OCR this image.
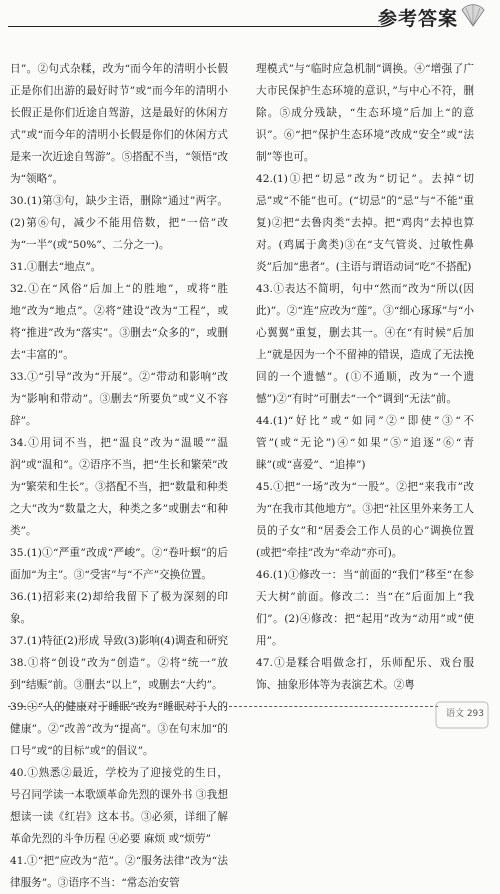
参考答案

日”。②句式杂糅，改为“而今年的清明小长假正是你们出游的最好时节”或“而今年的清明小长假正是你们近途自驾游，这是最好的休闲方式”或“而今年的清明小长假是你们的休闲方式是来一次近途自驾游”。⑤搭配不当，“领悟”改为“领略”。

30.(1)第③句，缺少主语，删除“通过”两字。(2)第⑥句，减少不能用倍数，把“一倍”改为“一半”(或“50%”、二分之一)。

31.①删去“地点”。

32.①在“风俗”后加上“的胜地”，或将“胜地”改为“地点”。②将“建设”改为“工程”，或将“推进”改为“落实”。③删去“众多的”，或删去“丰富的”。

33.①“引导”改为“开展”。②“带动和影响”改为“影响和带动”。③删去“所要负”或“义不容辞”。

34.①用词不当，把“温良”改为“温暖”“温润”或“温和”。②语序不当，把“生长和繁荣”改为“繁荣和生长”。③搭配不当，把“数量和种类之大”改为“数量之大，种类之多”或删去“和种类”。

35.(1)①“严重”改成“严峻”。②“卷叶螟”的后面加“为主”。③“受害”与“不产”交换位置。

36.(1)招彩来(2)却给我留下了极为深刻的印象。

37.(1)特征(2)形成 导致(3)影响(4)调查和研究

38.①将“创设”改为“创造”。②将“统一”放到“结赈”前。③删去“以上”，或删去“大约”。

39.①“人的健康对于睡眠”改为“睡眠对于人的健康”。②“改善”改为“提高”。③在句末加“的口号”或“的目标”或“的倡议”。

40.①熟悉②最近，学校为了迎接党的生日，号召同学读一本歌颂革命先烈的课外书 ③我想想读一读《红岩》这本书。③必须，详细了解革命先烈的斗争历程 ④必要 麻烦 或“烦劳”

41.①“把”应改为“范”。②“服务法律”改为“法律服务”。③语序不当：“常态治安管

理模式”与“临时应急机制”调换。④“增强了广大市民保护生态环境的意识，”与中心不符，删除。⑤成分残缺，“生态环境”后加上“的意识”。⑥“把”保护生态环境”改成“安全”或“法制”等也可。

42.(1)①把“切忌”改为“切记”。去掉“切忌”或“不能”也可。(“切忌”的“忌”与“不能”重复)②把“去鲁肉类”去掉。把“鸡肉”去掉也算对。(鸡属于禽类)③在“支气管炎、过敏性鼻炎”后加“患者”。(主语与谓语动词“吃”不搭配)

43.①表达不简明，句中“然而”改为“所以(因此)”。②“连”应改为“莲”。③“细心琢琢”与“小心翼翼”重复，删去其一。④在“有时候”后加上“就是因为一个不留神的错误，造成了无法挽回的一个遗憾”。(①不通顺，改为“一个遗憾”)②“有时”可删去“一个”调到“无法”前。

44.(1)“好比”或“如同”②“即使”③“不管”(或“无论”)④“如果”⑤“追逐”⑥“青睐”(或“喜爱”、“追捧”)

45.①把“一场”改为“一股”。②把“来我市”改为“在我市其他地方”。③把“社区里外来务工人员的子女”和“居委会工作人员的心”调换位置(或把“牵挂”改为“牵动”亦可)。

46.(1)①修改一：当“前面的“我们”移至“在参天大树”前面。修改二：当“在”后面加上“我们”。(2)④修改：把“起用”改为“动用”或“使用”。

47.①是糅合唱做念打，乐师配乐、戏台服饰、抽象形体等为表演艺术。②粤

语文 293
